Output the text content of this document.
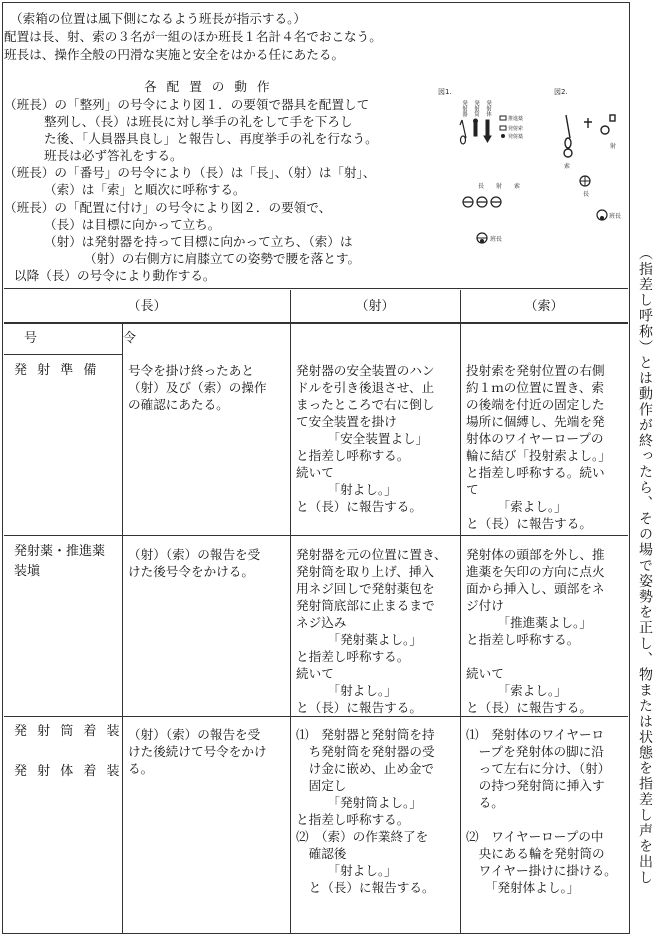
（索箱の位置は風下側になるよう班長が指示する。）
配置は長、射、索の３名が一組のほか班長１名計４名でおこなう。
班長は、操作全般の円滑な実施と安全をはかる任にあたる。
各配置の動作
（班長）の「整列」の号令により図１．の要領で器具を配置して
整列し、（長）は班長に対し挙手の礼をして手を下ろし
た後、「人員器具良し」と報告し、再度挙手の礼を行なう。
班長は必ず答礼をする。
（班長）の「番号」の号令により（長）は「長」、（射）は「射」、
（索）は「索」と順次に呼称する。
（班長）の「配置に付け」の号令により図２．の要領で、
（長）は目標に向かって立ち。
（射）は発射器を持って目標に向かって立ち、（索）は
（射）の右側方に肩膝立ての姿勢で腰を落とす。
以降（長）の号令により動作する。
図1.
発射器 発射筒 発射体
推進薬
発射索
発射薬
長 射 索
班長
図2.
索
射
長
班長
（指差し呼称）とは動作が終ったら、その場で姿勢を正し、物または状態を指差し声を出し
（長）	（射）	（索）
号　　令
発 射 準 備 号令を掛け終ったあと
（射）及び（索）の操作
の確認にあたる。
発射器の安全装置のハン
ドルを引き後退させ、止
まったところで右に倒し
て安全装置を掛け
　　　「安全装置よし」
と指差し呼称する。
続いて
　　　「射よし。」
と（長）に報告する。
投射索を発射位置の右側
約１ｍの位置に置き、索
の後端を付近の固定した
場所に個縛し、先端を発
射体のワイヤーロープの
輪に結び「投射索よし。」
と指差し呼称する。続い
て
　　　「索よし。」
と（長）に報告する。
発射薬・推進薬
装塡
（射）（索）の報告を受
けた後号令をかける。
発射器を元の位置に置き、
発射筒を取り上げ、挿入
用ネジ回しで発射薬包を
発射筒底部に止まるまで
ネジ込み
　　　「発射薬よし。」
と指差し呼称する。
続いて
　　　「射よし。」
と（長）に報告する。
発射体の頭部を外し、推
進薬を矢印の方向に点火
面から挿入し、頭部をネ
ジ付け
　　　「推進薬よし。」
と指差し呼称する。

続いて
　　　「索よし。」
と（長）に報告する。
発 射 筒 着 装

発 射 体 着 装
（射）（索）の報告を受
けた後続けて号令をかけ
る。
⑴　発射器と発射筒を持
　ち発射筒を発射器の受
　け金に嵌め、止め金で
　固定し
　　　「発射筒よし。」
と指差し呼称する。
⑵　（索）の作業終了を
　確認後
　　　「射よし。」
　と（長）に報告する。
⑴　発射体のワイヤーロ
　ープを発射体の脚に沿
　って左右に分け、（射）
　の持つ発射筒に挿入す
　る。

⑵　ワイヤーロープの中
　央にある輪を発射筒の
　ワイヤー掛けに掛ける。
　　「発射体よし。」
